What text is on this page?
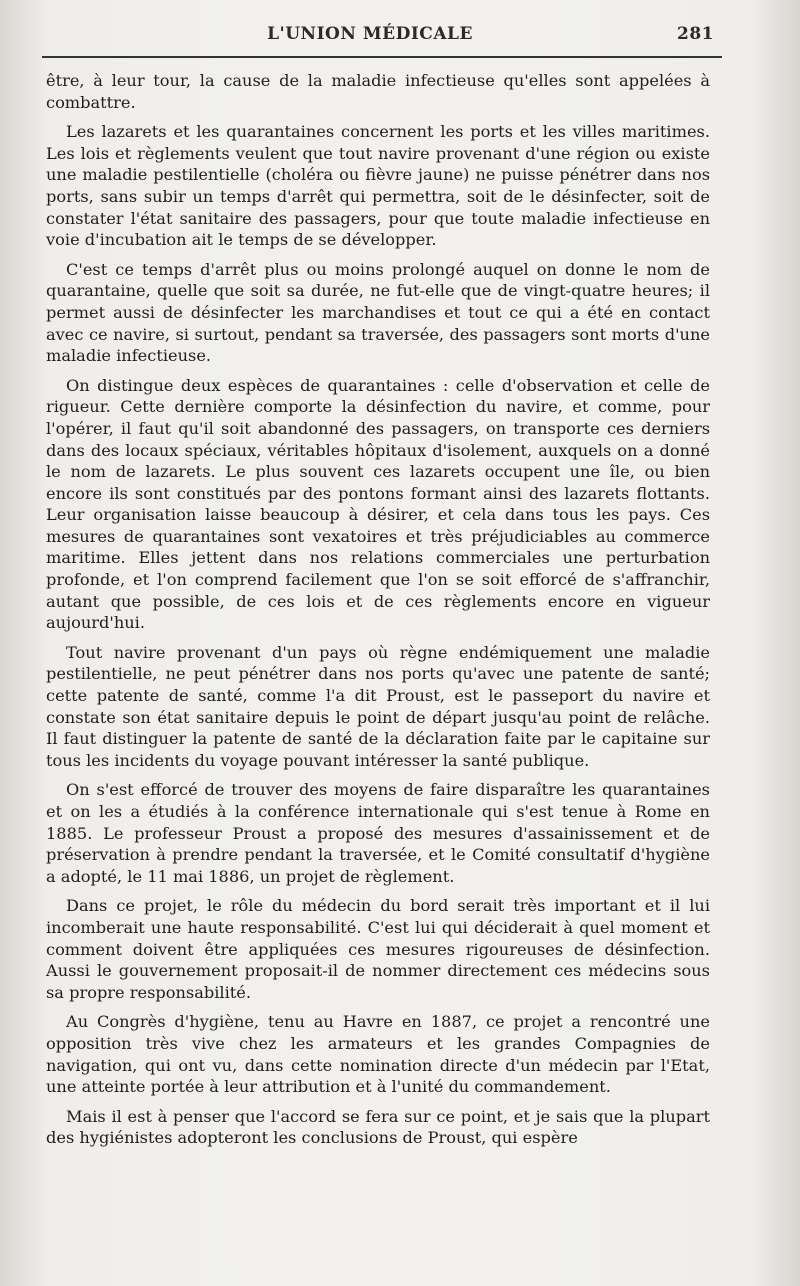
L'UNION MÉDICALE	281

être, à leur tour, la cause de la maladie infectieuse qu'elles sont appelées à combattre.

Les lazarets et les quarantaines concernent les ports et les villes maritimes. Les lois et règlements veulent que tout navire provenant d'une région ou existe une maladie pestilentielle (choléra ou fièvre jaune) ne puisse pénétrer dans nos ports, sans subir un temps d'arrêt qui permettra, soit de le désinfecter, soit de constater l'état sanitaire des passagers, pour que toute maladie infectieuse en voie d'incubation ait le temps de se développer.

C'est ce temps d'arrêt plus ou moins prolongé auquel on donne le nom de quarantaine, quelle que soit sa durée, ne fut-elle que de vingt-quatre heures; il permet aussi de désinfecter les marchandises et tout ce qui a été en contact avec ce navire, si surtout, pendant sa traversée, des passagers sont morts d'une maladie infectieuse.

On distingue deux espèces de quarantaines : celle d'observation et celle de rigueur. Cette dernière comporte la désinfection du navire, et comme, pour l'opérer, il faut qu'il soit abandonné des passagers, on transporte ces derniers dans des locaux spéciaux, véritables hôpitaux d'isolement, auxquels on a donné le nom de lazarets. Le plus souvent ces lazarets occupent une île, ou bien encore ils sont constitués par des pontons formant ainsi des lazarets flottants. Leur organisation laisse beaucoup à désirer, et cela dans tous les pays. Ces mesures de quarantaines sont vexatoires et très préjudiciables au commerce maritime. Elles jettent dans nos relations commerciales une perturbation profonde, et l'on comprend facilement que l'on se soit efforcé de s'affranchir, autant que possible, de ces lois et de ces règlements encore en vigueur aujourd'hui.

Tout navire provenant d'un pays où règne endémiquement une maladie pestilentielle, ne peut pénétrer dans nos ports qu'avec une patente de santé; cette patente de santé, comme l'a dit Proust, est le passeport du navire et constate son état sanitaire depuis le point de départ jusqu'au point de relâche. Il faut distinguer la patente de santé de la déclaration faite par le capitaine sur tous les incidents du voyage pouvant intéresser la santé publique.

On s'est efforcé de trouver des moyens de faire disparaître les quarantaines et on les a étudiés à la conférence internationale qui s'est tenue à Rome en 1885. Le professeur Proust a proposé des mesures d'assainissement et de préservation à prendre pendant la traversée, et le Comité consultatif d'hygiène a adopté, le 11 mai 1886, un projet de règlement.

Dans ce projet, le rôle du médecin du bord serait très important et il lui incomberait une haute responsabilité. C'est lui qui déciderait à quel moment et comment doivent être appliquées ces mesures rigoureuses de désinfection. Aussi le gouvernement proposait-il de nommer directement ces médecins sous sa propre responsabilité.

Au Congrès d'hygiène, tenu au Havre en 1887, ce projet a rencontré une opposition très vive chez les armateurs et les grandes Compagnies de navigation, qui ont vu, dans cette nomination directe d'un médecin par l'Etat, une atteinte portée à leur attribution et à l'unité du commandement.

Mais il est à penser que l'accord se fera sur ce point, et je sais que la plupart des hygiénistes adopteront les conclusions de Proust, qui espère
